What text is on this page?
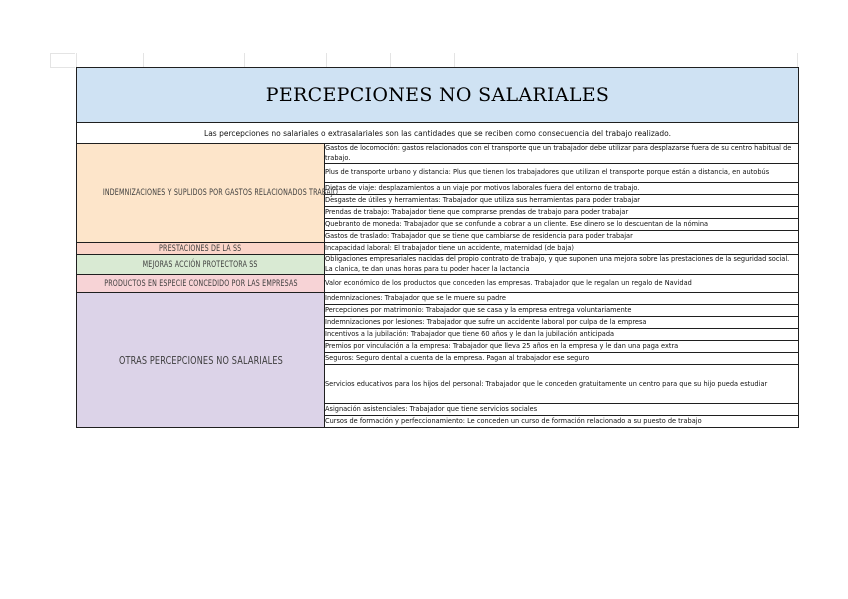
PERCEPCIONES NO SALARIALES	
Las percepciones no salariales o extrasalariales son las cantidades que se reciben como consecuencia del trabajo realizado.	
INDEMNIZACIONES Y SUPLIDOS POR GASTOS RELACIONADOS TRABAJO	Gastos de locomoción: gastos relacionados con el transporte que un trabajador debe utilizar para desplazarse fuera de su centro habitual de trabajo.
	Plus de transporte urbano y distancia: Plus que tienen los trabajadores que utilizan el transporte porque están a distancia, en autobús
	Dietas de viaje: desplazamientos a un viaje por motivos laborales fuera del entorno de trabajo.
	Desgaste de útiles y herramientas: Trabajador que utiliza sus herramientas para poder trabajar
	Prendas de trabajo: Trabajador tiene que comprarse prendas de trabajo para poder trabajar
	Quebranto de moneda: Trabajador que se confunde a cobrar a un cliente. Ese dinero se lo descuentan de la nómina
	Gastos de traslado: Trabajador que se tiene que cambiarse de residencia para poder trabajar
PRESTACIONES DE LA SS	Incapacidad laboral: El trabajador tiene un accidente, maternidad (de baja)
MEJORAS ACCIÓN PROTECTORA SS	Obligaciones empresariales nacidas del propio contrato de trabajo, y que suponen una mejora sobre las prestaciones de la seguridad social. La clanica, te dan unas horas para tu poder hacer la lactancia
PRODUCTOS EN ESPECIE CONCEDIDO POR LAS EMPRESAS	Valor económico de los productos que conceden las empresas. Trabajador que le regalan un regalo de Navidad
OTRAS PERCEPCIONES NO SALARIALES	Indemnizaciones: Trabajador que se le muere su padre
	Percepciones por matrimonio: Trabajador que se casa y la empresa entrega voluntariamente
	Indemnizaciones por lesiones: Trabajador que sufre un accidente laboral por culpa de la empresa
	Incentivos a la jubilación: Trabajador que tiene 60 años y le dan la jubilación anticipada
	Premios por vinculación a la empresa: Trabajador que lleva 25 años en la empresa y le dan una paga extra
	Seguros: Seguro dental a cuenta de la empresa. Pagan al trabajador ese seguro
	Servicios educativos para los hijos del personal: Trabajador que le conceden gratuitamente un centro para que su hijo pueda estudiar
	Asignación asistenciales: Trabajador que tiene servicios sociales
	Cursos de formación y perfeccionamiento: Le conceden un curso de formación relacionado a su puesto de trabajo
